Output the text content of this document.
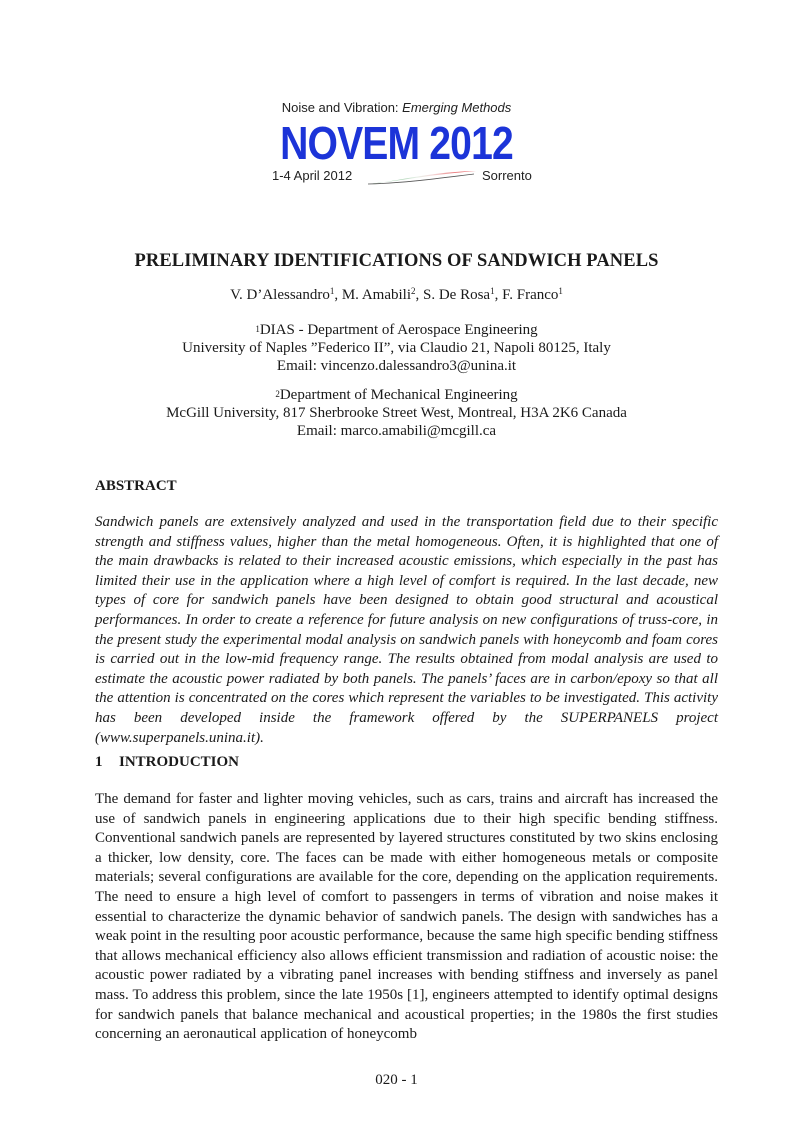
Noise and Vibration: Emerging Methods
NOVEM 2012
1-4 April 2012	Sorrento
PRELIMINARY IDENTIFICATIONS OF SANDWICH PANELS
V. D’Alessandro$^1$, M. Amabili$^2$, S. De Rosa$^1$, F. Franco$^1$
$^1$DIAS - Department of Aerospace Engineering
University of Naples ”Federico II”, via Claudio 21, Napoli 80125, Italy
Email: vincenzo.dalessandro3@unina.it
$^2$Department of Mechanical Engineering
McGill University, 817 Sherbrooke Street West, Montreal, H3A 2K6 Canada
Email: marco.amabili@mcgill.ca
ABSTRACT
Sandwich panels are extensively analyzed and used in the transportation field due to their specific strength and stiffness values, higher than the metal homogeneous. Often, it is highlighted that one of the main drawbacks is related to their increased acoustic emissions, which especially in the past has limited their use in the application where a high level of comfort is required. In the last decade, new types of core for sandwich panels have been designed to obtain good structural and acoustical performances. In order to create a reference for future analysis on new configurations of truss-core, in the present study the experimental modal analysis on sandwich panels with honeycomb and foam cores is carried out in the low-mid frequency range. The results obtained from modal analysis are used to estimate the acoustic power radiated by both panels. The panels’ faces are in carbon/epoxy so that all the attention is concentrated on the cores which represent the variables to be investigated. This activity has been developed inside the framework offered by the SUPERPANELS project (www.superpanels.unina.it).
1 INTRODUCTION
The demand for faster and lighter moving vehicles, such as cars, trains and aircraft has increased the use of sandwich panels in engineering applications due to their high specific bending stiffness. Conventional sandwich panels are represented by layered structures constituted by two skins enclosing a thicker, low density, core. The faces can be made with either homogeneous metals or composite materials; several configurations are available for the core, depending on the application requirements. The need to ensure a high level of comfort to passengers in terms of vibration and noise makes it essential to characterize the dynamic behavior of sandwich panels. The design with sandwiches has a weak point in the resulting poor acoustic performance, because the same high specific bending stiffness that allows mechanical efficiency also allows efficient transmission and radiation of acoustic noise: the acoustic power radiated by a vibrating panel increases with bending stiffness and inversely as panel mass. To address this problem, since the late 1950s [1], engineers attempted to identify optimal designs for sandwich panels that balance mechanical and acoustical properties; in the 1980s the first studies concerning an aeronautical application of honeycomb
020 - 1
